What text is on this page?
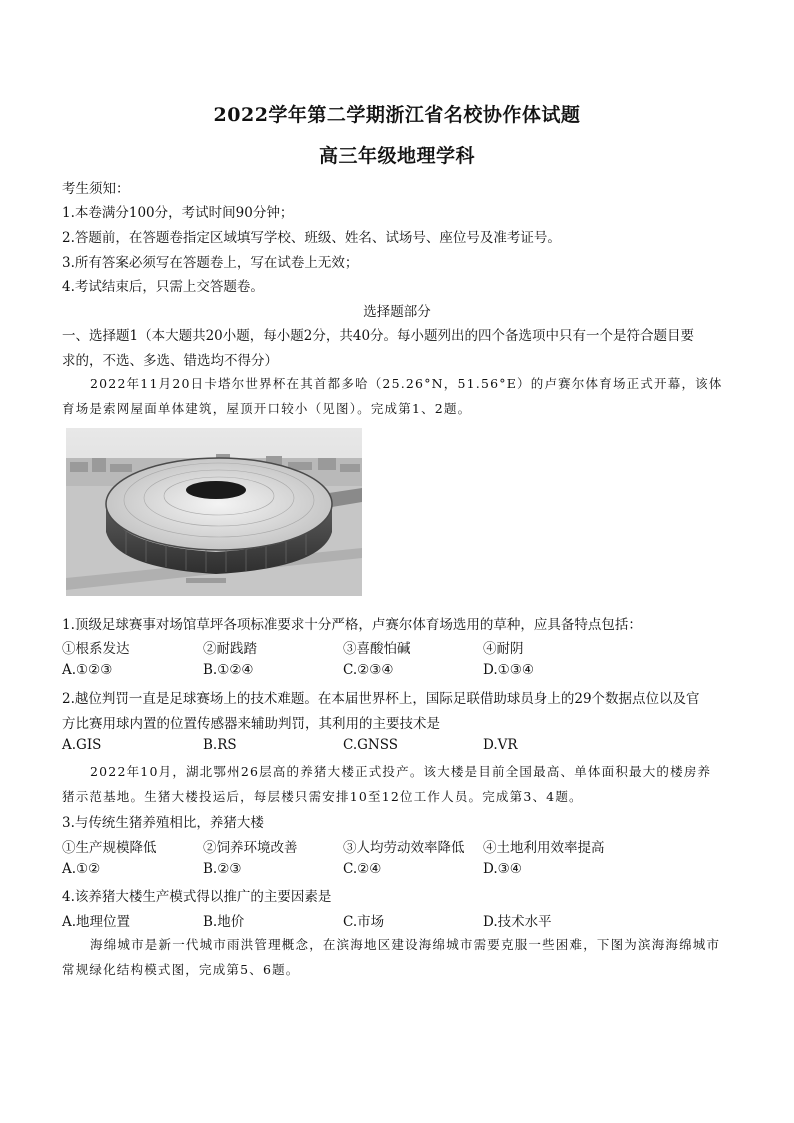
2022学年第二学期浙江省名校协作体试题
高三年级地理学科
考生须知：
1.本卷满分100分，考试时间90分钟；
2.答题前，在答题卷指定区域填写学校、班级、姓名、试场号、座位号及准考证号。
3.所有答案必须写在答题卷上，写在试卷上无效；
4.考试结束后，只需上交答题卷。
选择题部分
一、选择题1（本大题共20小题，每小题2分，共40分。每小题列出的四个备选项中只有一个是符合题目要
求的，不选、多选、错选均不得分）
2022年11月20日卡塔尔世界杯在其首都多哈（25.26°N，51.56°E）的卢赛尔体育场正式开幕，该体
育场是索网屋面单体建筑，屋顶开口较小（见图）。完成第1、2题。
1.顶级足球赛事对场馆草坪各项标准要求十分严格，卢赛尔体育场选用的草种，应具备特点包括：
①根系发达	②耐践踏	③喜酸怕碱	④耐阴
A.①②③	B.①②④	C.②③④	D.①③④
2.越位判罚一直是足球赛场上的技术难题。在本届世界杯上，国际足联借助球员身上的29个数据点位以及官
方比赛用球内置的位置传感器来辅助判罚，其利用的主要技术是
A.GIS	B.RS	C.GNSS	D.VR
2022年10月，湖北鄂州26层高的养猪大楼正式投产。该大楼是目前全国最高、单体面积最大的楼房养
猪示范基地。生猪大楼投运后，每层楼只需安排10至12位工作人员。完成第3、4题。
3.与传统生猪养殖相比，养猪大楼
①生产规模降低	②饲养环境改善	③人均劳动效率降低 ④土地利用效率提高
A.①②	B.②③	C.②④	D.③④
4.该养猪大楼生产模式得以推广的主要因素是
A.地理位置	B.地价	C.市场	D.技术水平
海绵城市是新一代城市雨洪管理概念，在滨海地区建设海绵城市需要克服一些困难，下图为滨海海绵城市
常规绿化结构模式图，完成第5、6题。
